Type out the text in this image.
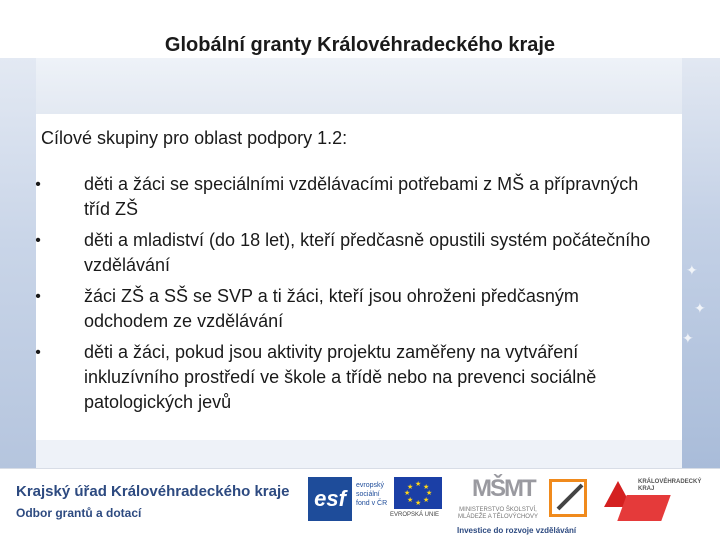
✦
✦
✦
Globální granty Královéhradeckého kraje
Cílové skupiny pro oblast podpory 1.2:
• děti a žáci se speciálními vzdělávacími potřebami z MŠ a přípravných tříd ZŠ
• děti a mladiství (do 18 let), kteří předčasně opustili systém počátečního vzdělávání
• žáci ZŠ a SŠ se SVP a ti žáci, kteří jsou ohroženi předčasným odchodem ze vzdělávání
• děti a žáci, pokud jsou aktivity projektu zaměřeny na vytváření inkluzívního prostředí ve škole a třídě nebo na prevenci sociálně patologických jevů
Krajský úřad Královéhradeckého kraje
Odbor grantů a dotací
esf
evropský
sociální
fond v ČR
★ ★
★
★
★
★
★
★
EVROPSKÁ UNIE
MŠMT
MINISTERSTVO ŠKOLSTVÍ,
MLÁDEŽE A TĚLOVÝCHOVY
Investice do rozvoje vzdělávání
KRÁLOVÉHRADECKÝ
KRAJ
